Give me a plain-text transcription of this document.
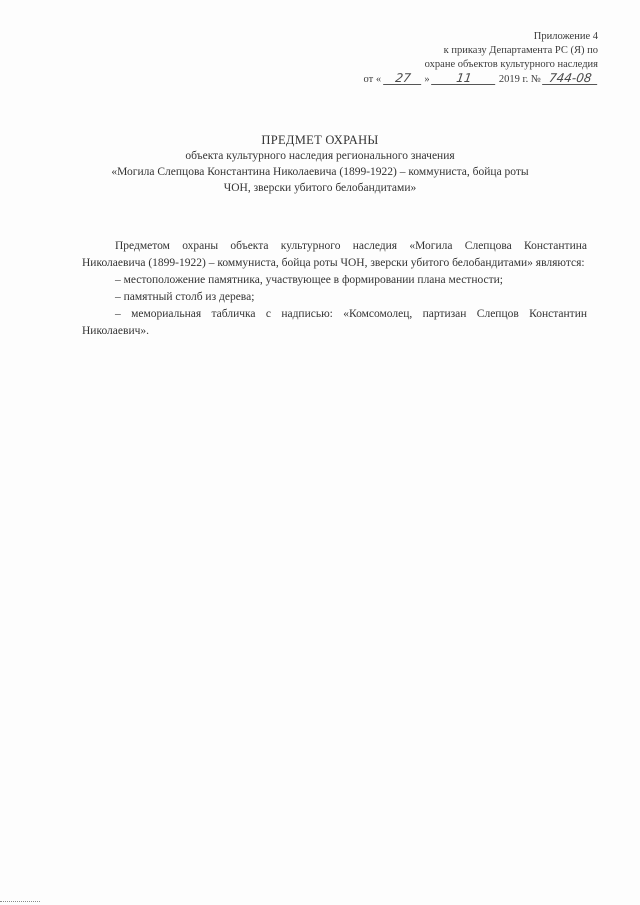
Приложение 4
к приказу Департамента РС (Я) по
охране объектов культурного наследия
от « 27 » 11 2019 г. № 744-08
ПРЕДМЕТ ОХРАНЫ
объекта культурного наследия регионального значения
«Могила Слепцова Константина Николаевича (1899-1922) – коммуниста, бойца роты
ЧОН, зверски убитого белобандитами»

Предметом охраны объекта культурного наследия «Могила Слепцова Константина Николаевича (1899-1922) – коммуниста, бойца роты ЧОН, зверски убитого белобандитами» являются:

– местоположение памятника, участвующее в формировании плана местности;

– памятный столб из дерева;

– мемориальная табличка с надписью: «Комсомолец, партизан Слепцов Константин Николаевич».
